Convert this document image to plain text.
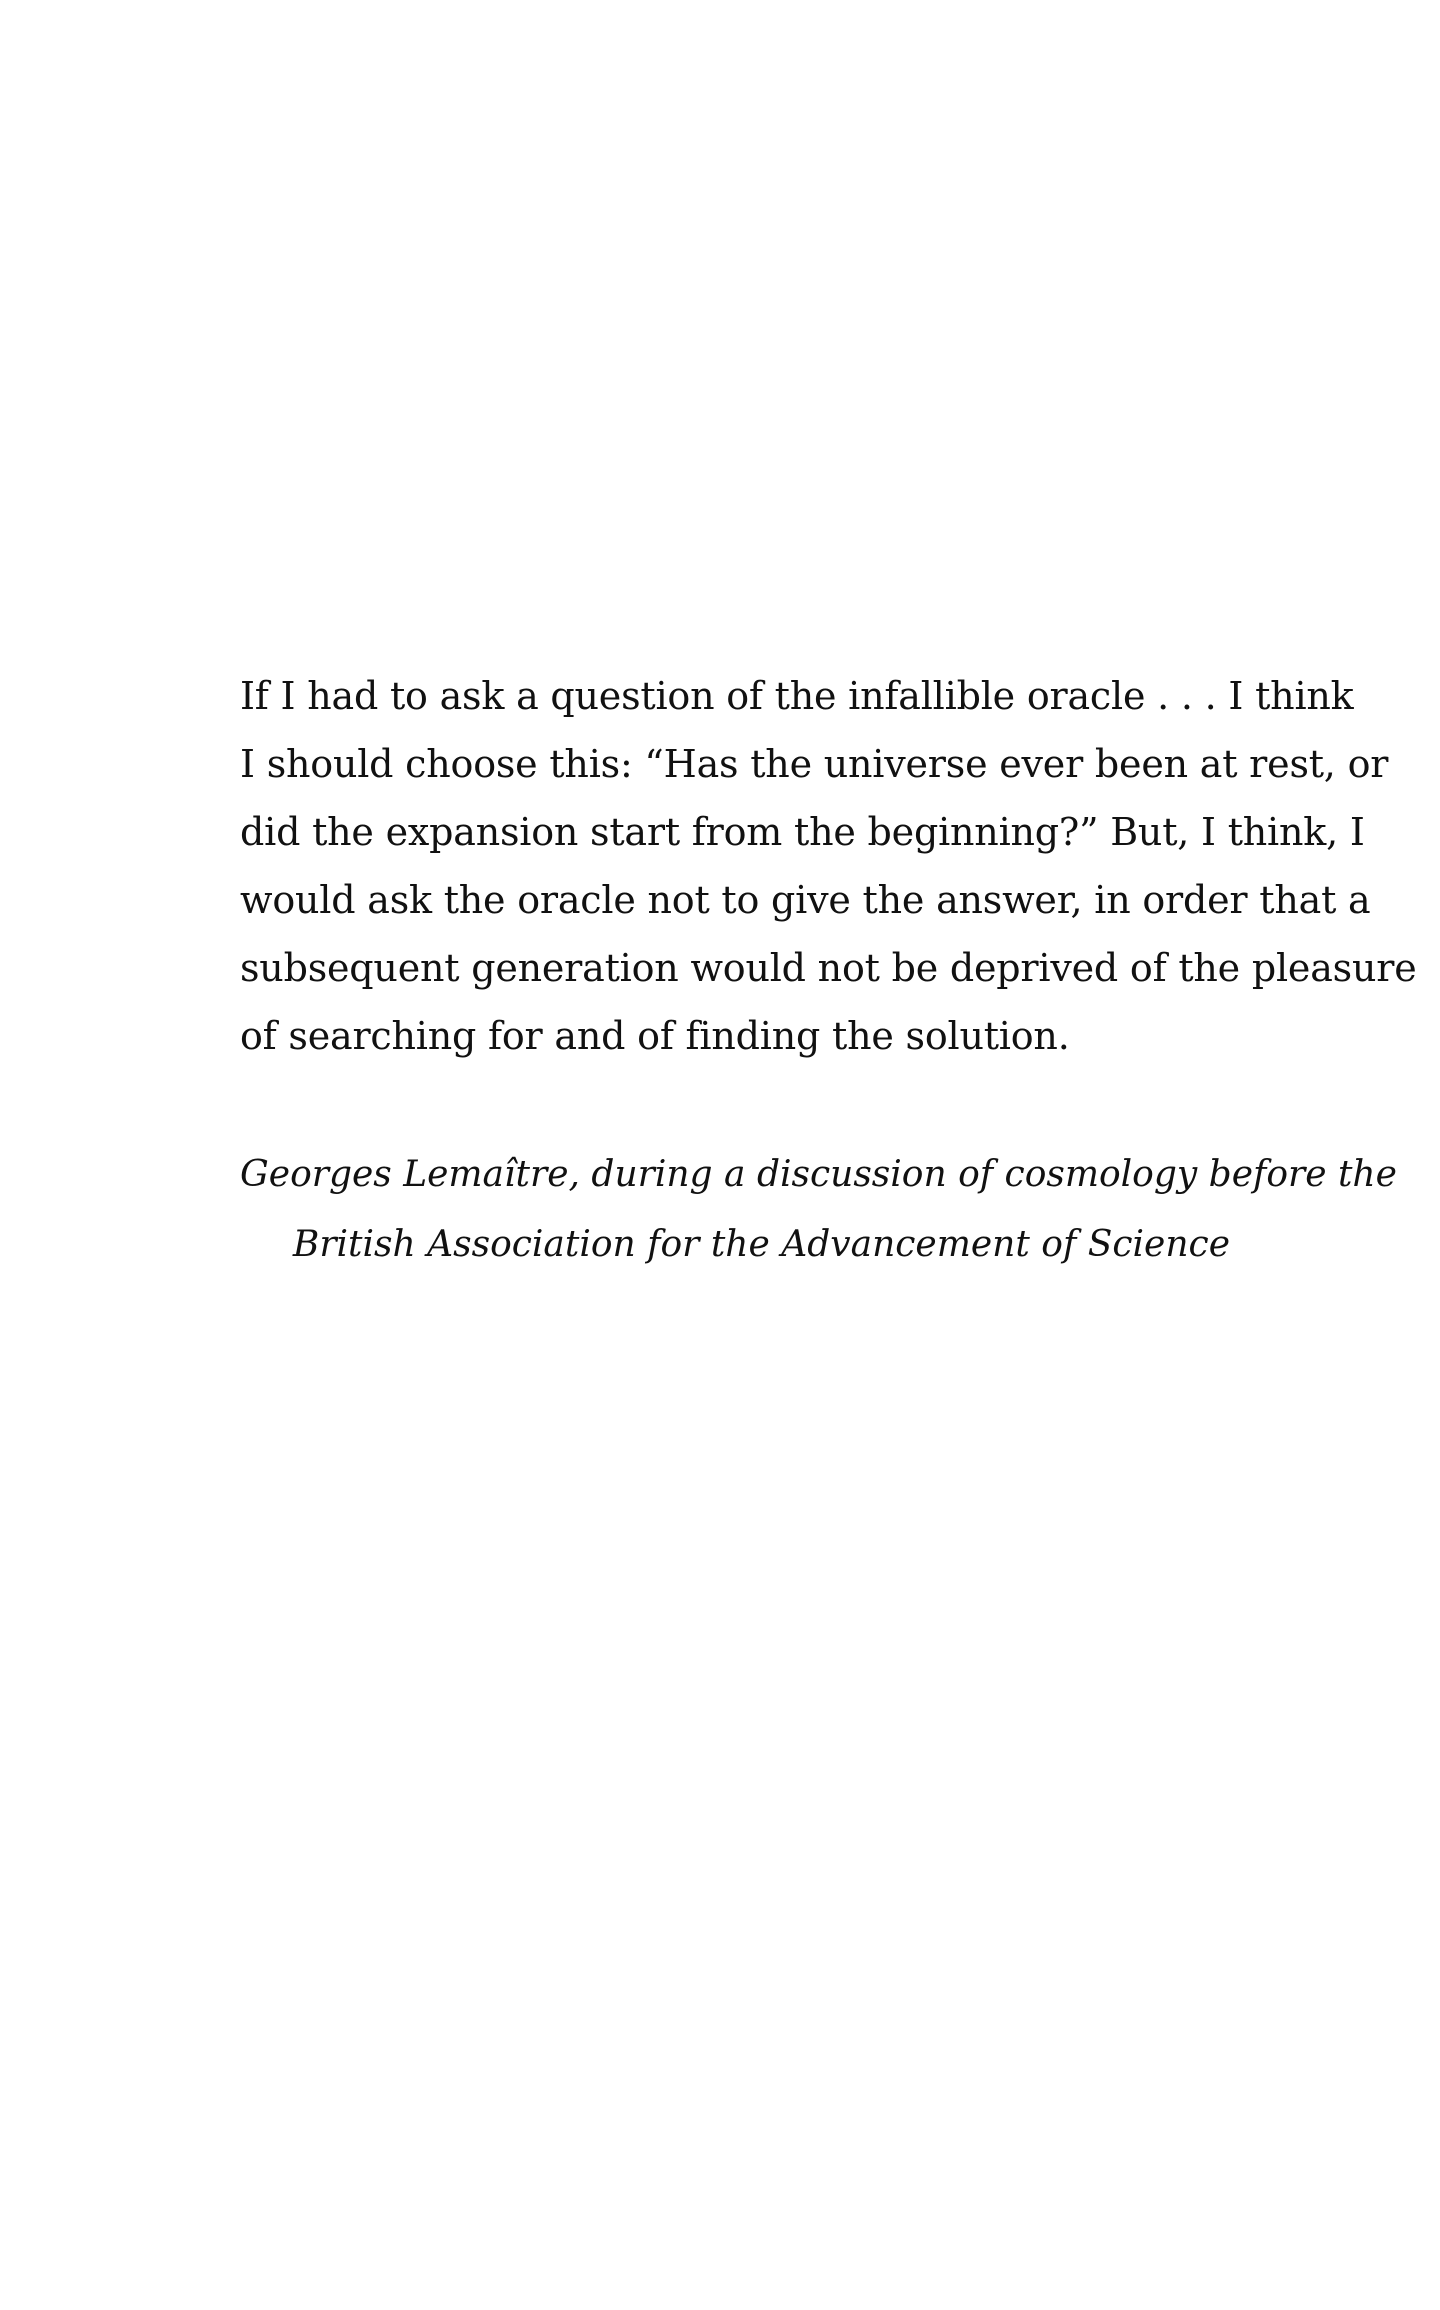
If I had to ask a question of the infallible oracle . . . I think
I should choose this: “Has the universe ever been at rest, or
did the expansion start from the beginning?” But, I think, I
would ask the oracle not to give the answer, in order that a
subsequent generation would not be deprived of the pleasure
of searching for and of finding the solution.
Georges Lemaître, during a discussion of cosmology before the
British Association for the Advancement of Science
